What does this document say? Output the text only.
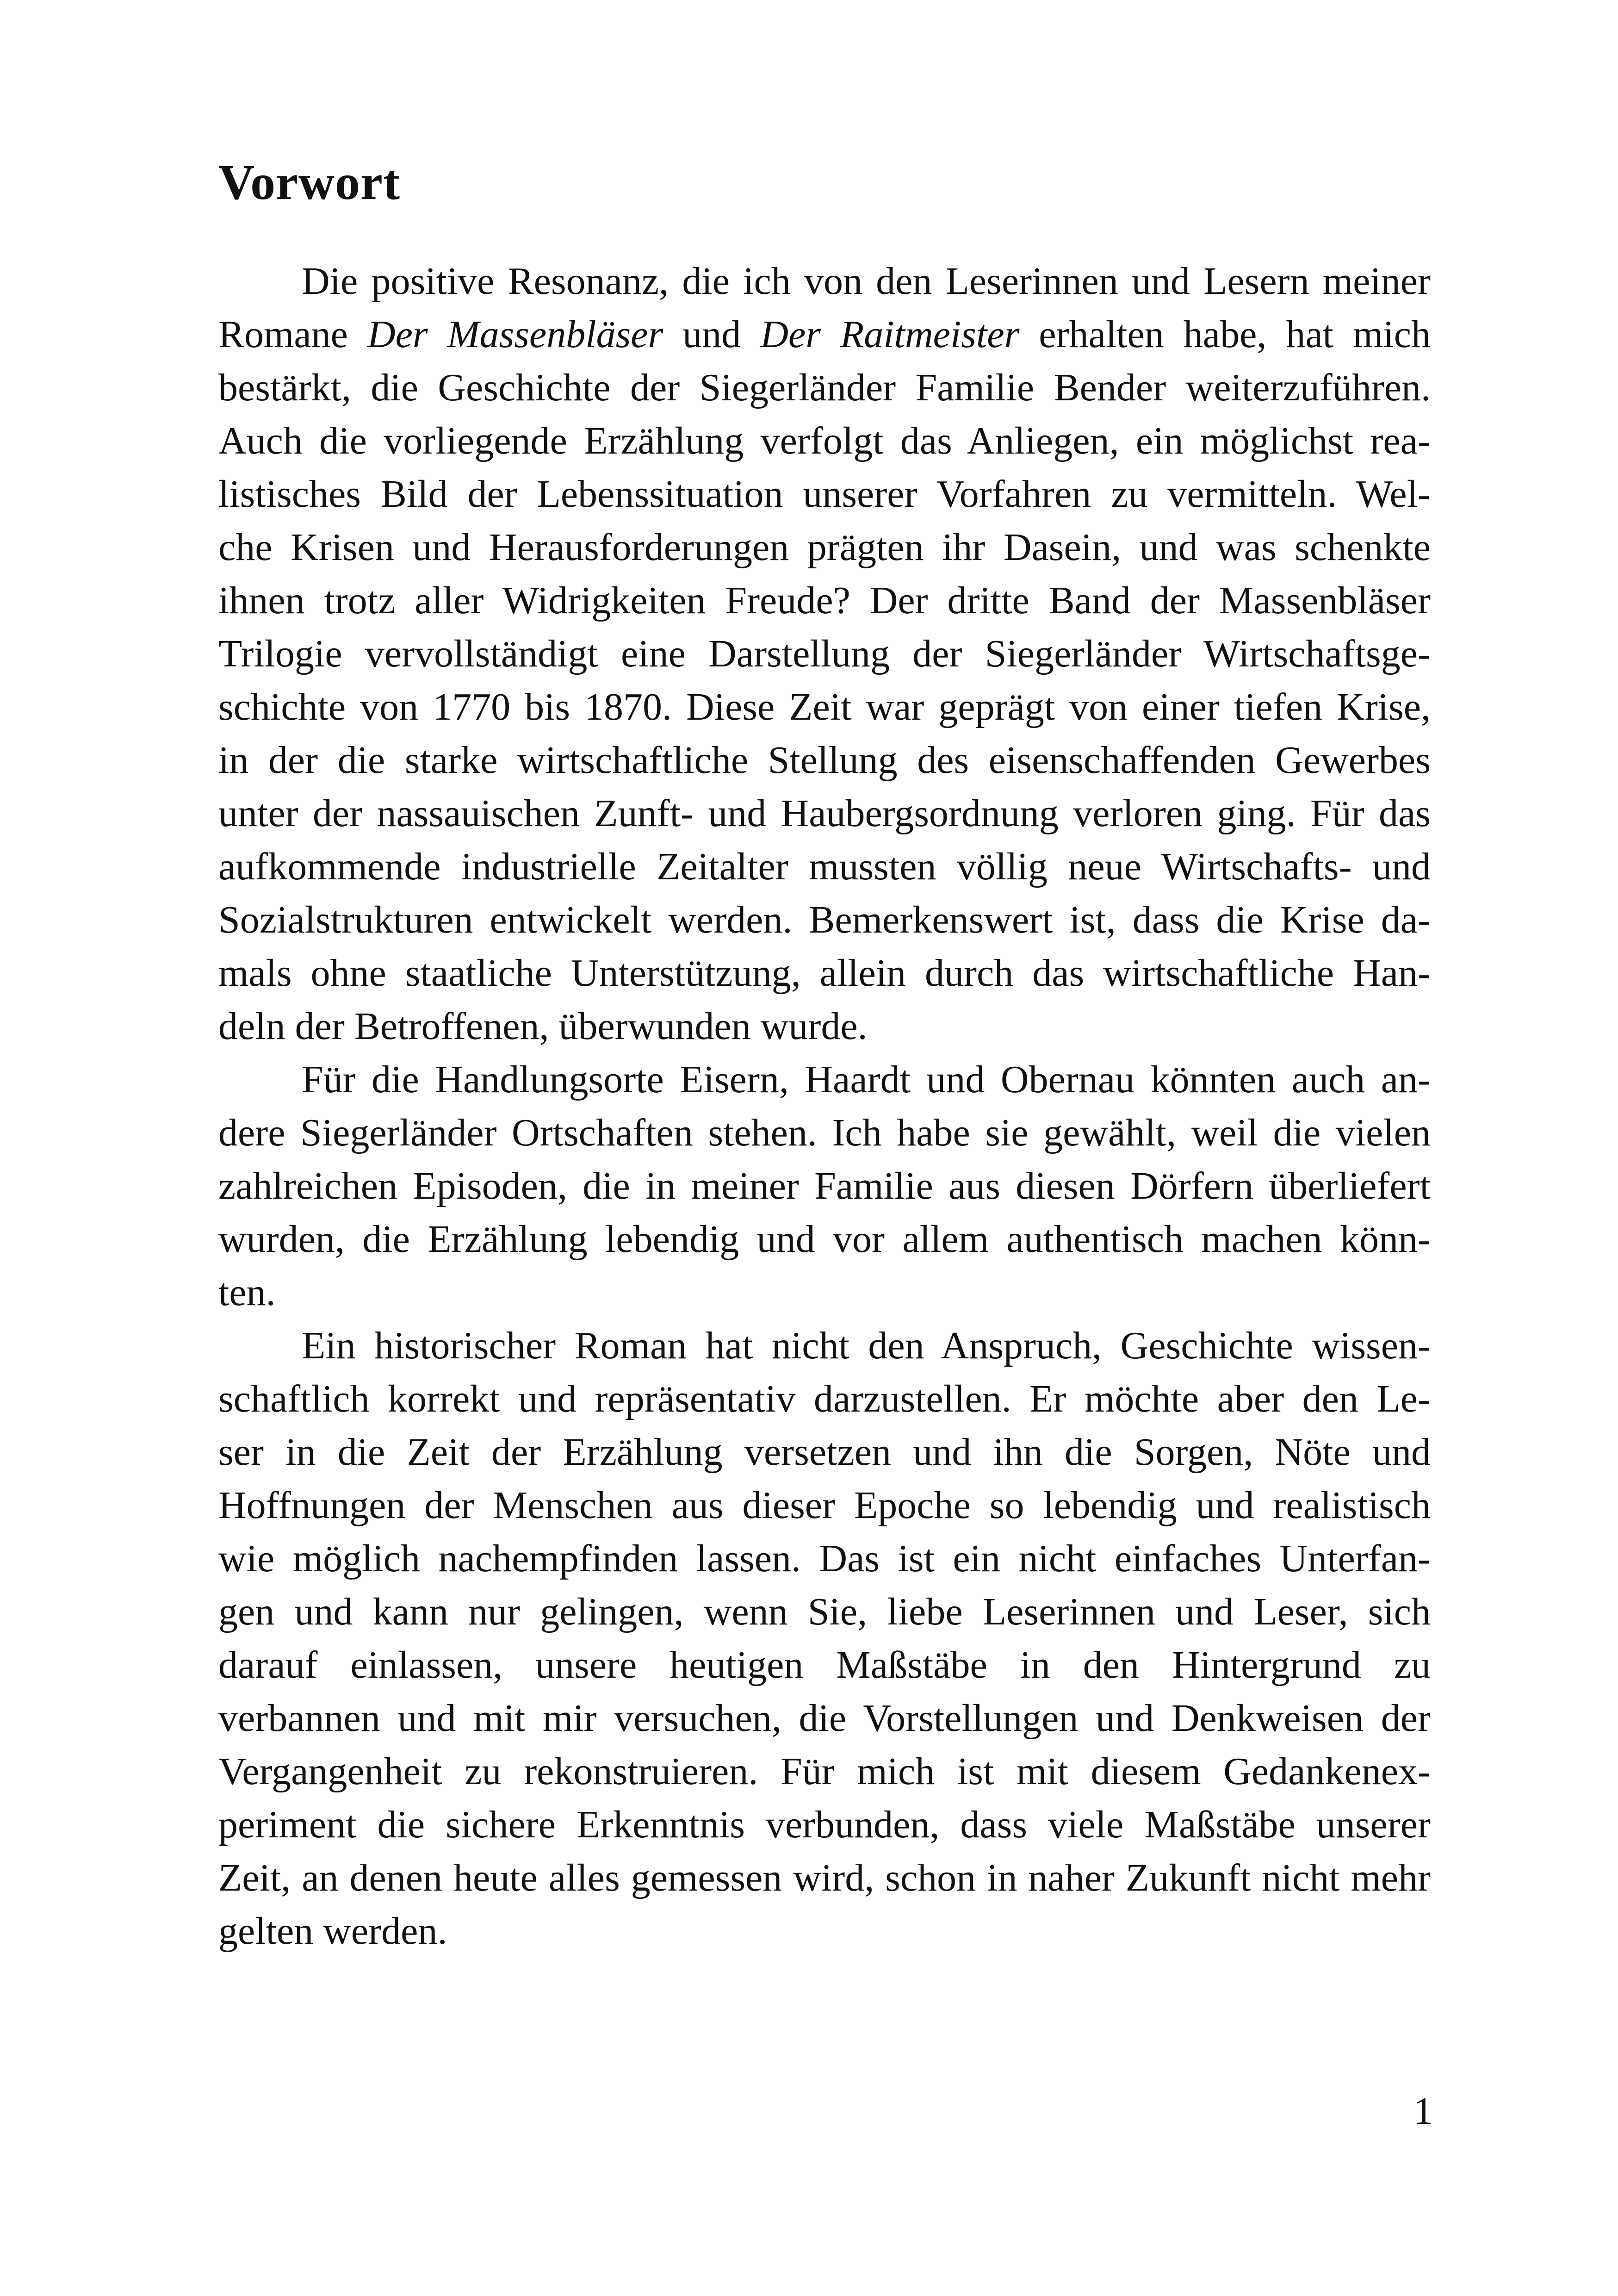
Vorwort
Die positive Resonanz, die ich von den Leserinnen und Lesern meiner
Romane Der Massenbläser und Der Raitmeister erhalten habe, hat mich
bestärkt, die Geschichte der Siegerländer Familie Bender weiterzuführen.
Auch die vorliegende Erzählung verfolgt das Anliegen, ein möglichst rea-
listisches Bild der Lebenssituation unserer Vorfahren zu vermitteln. Wel-
che Krisen und Herausforderungen prägten ihr Dasein, und was schenkte
ihnen trotz aller Widrigkeiten Freude? Der dritte Band der Massenbläser
Trilogie vervollständigt eine Darstellung der Siegerländer Wirtschaftsge-
schichte von 1770 bis 1870. Diese Zeit war geprägt von einer tiefen Krise,
in der die starke wirtschaftliche Stellung des eisenschaffenden Gewerbes
unter der nassauischen Zunft- und Haubergsordnung verloren ging. Für das
aufkommende industrielle Zeitalter mussten völlig neue Wirtschafts- und
Sozialstrukturen entwickelt werden. Bemerkenswert ist, dass die Krise da-
mals ohne staatliche Unterstützung, allein durch das wirtschaftliche Han-
deln der Betroffenen, überwunden wurde.
Für die Handlungsorte Eisern, Haardt und Obernau könnten auch an-
dere Siegerländer Ortschaften stehen. Ich habe sie gewählt, weil die vielen
zahlreichen Episoden, die in meiner Familie aus diesen Dörfern überliefert
wurden, die Erzählung lebendig und vor allem authentisch machen könn-
ten.
Ein historischer Roman hat nicht den Anspruch, Geschichte wissen-
schaftlich korrekt und repräsentativ darzustellen. Er möchte aber den Le-
ser in die Zeit der Erzählung versetzen und ihn die Sorgen, Nöte und
Hoffnungen der Menschen aus dieser Epoche so lebendig und realistisch
wie möglich nachempfinden lassen. Das ist ein nicht einfaches Unterfan-
gen und kann nur gelingen, wenn Sie, liebe Leserinnen und Leser, sich
darauf einlassen, unsere heutigen Maßstäbe in den Hintergrund zu
verbannen und mit mir versuchen, die Vorstellungen und Denkweisen der
Vergangenheit zu rekonstruieren. Für mich ist mit diesem Gedankenex-
periment die sichere Erkenntnis verbunden, dass viele Maßstäbe unserer
Zeit, an denen heute alles gemessen wird, schon in naher Zukunft nicht mehr
gelten werden.
1
